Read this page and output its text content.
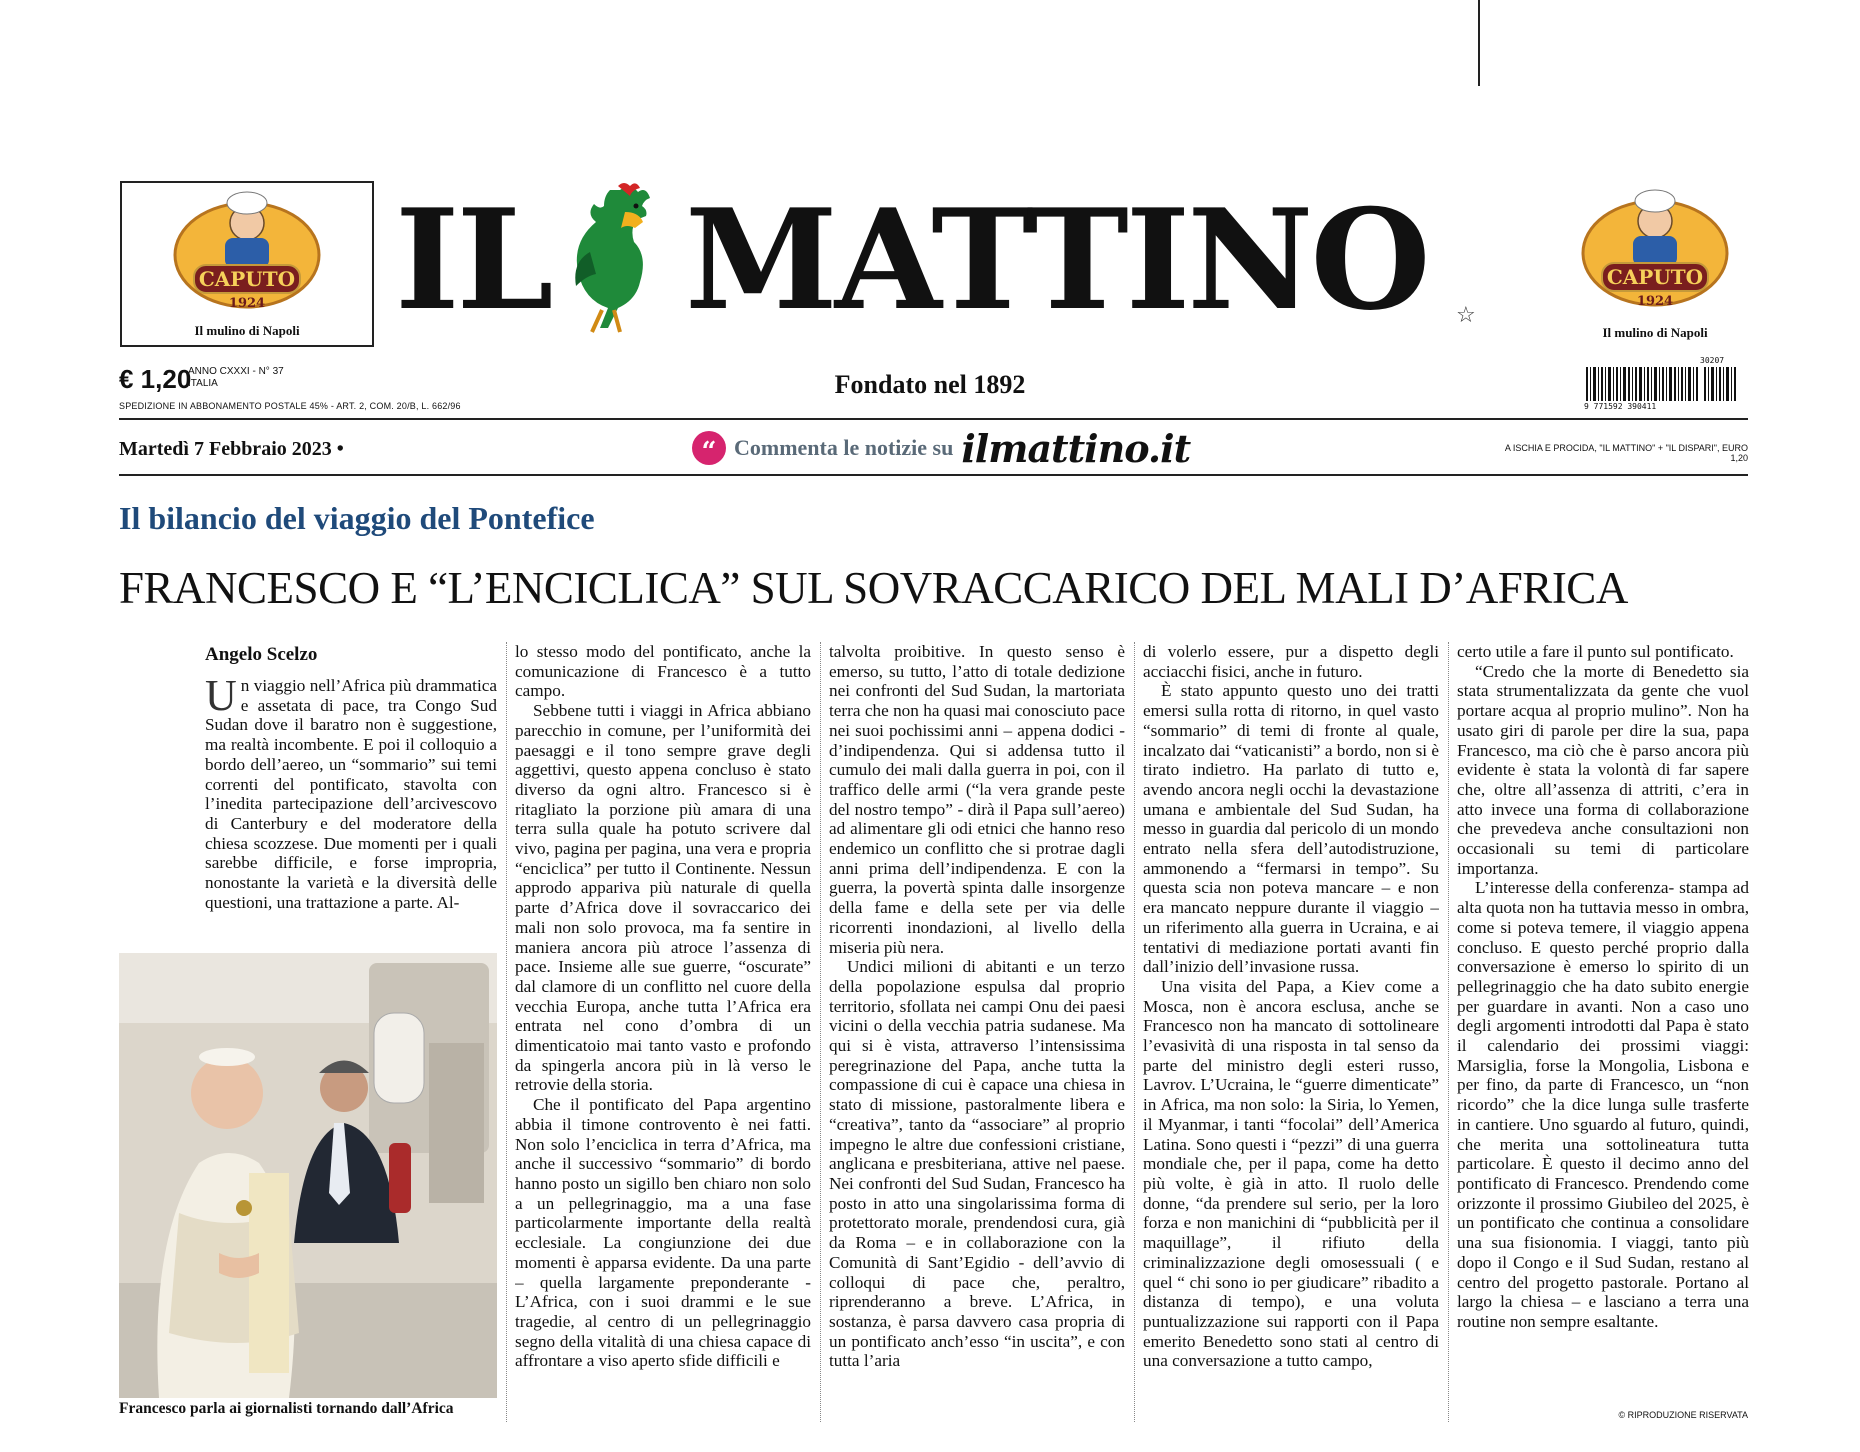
CAPUTO
1924
Il mulino di Napoli IL MATTINO ☆
CAPUTO
1924
Il mulino di Napoli
€ 1,20
ANNO CXXXI - N° 37
ITALIA
SPEDIZIONE IN ABBONAMENTO POSTALE 45% - ART. 2, COM. 20/B, L. 662/96
Fondato nel 1892
30207
9 771592 390411
Martedì 7 Febbraio 2023 •	“ Commenta le notizie su ilmattino.it	A ISCHIA E PROCIDA, "IL MATTINO" + "IL DISPARI", EURO 1,20
Il bilancio del viaggio del Pontefice
FRANCESCO E “L’ENCICLICA” SUL SOVRACCARICO DEL MALI D’AFRICA
Angelo Scelzo
U n viaggio nell’Africa più drammatica e assetata di pace, tra Congo Sud Sudan dove il baratro non è suggestione, ma realtà incombente. E poi il colloquio a bordo dell’aereo, un “sommario” sui temi correnti del pontificato, stavolta con l’inedita partecipazione dell’arcivescovo di Canterbury e del moderatore della chiesa scozzese. Due momenti per i quali sarebbe difficile, e forse impropria, nonostante la varietà e la diversità delle questioni, una trattazione a parte. Al-

lo stesso modo del pontificato, anche la comunicazione di Francesco è a tutto campo.

Sebbene tutti i viaggi in Africa abbiano parecchio in comune, per l’uniformità dei paesaggi e il tono sempre grave degli aggettivi, questo appena concluso è stato diverso da ogni altro. Francesco si è ritagliato la porzione più amara di una terra sulla quale ha potuto scrivere dal vivo, pagina per pagina, una vera e propria “enciclica” per tutto il Continente. Nessun approdo appariva più naturale di quella parte d’Africa dove il sovraccarico dei mali non solo provoca, ma fa sentire in maniera ancora più atroce l’assenza di pace. Insieme alle sue guerre, “oscurate” dal clamore di un conflitto nel cuore della vecchia Europa, anche tutta l’Africa era entrata nel cono d’ombra di un dimenticatoio mai tanto vasto e profondo da spingerla ancora più in là verso le retrovie della storia.

Che il pontificato del Papa argentino abbia il timone controvento è nei fatti. Non solo l’enciclica in terra d’Africa, ma anche il successivo “sommario” di bordo hanno posto un sigillo ben chiaro non solo a un pellegrinaggio, ma a una fase particolarmente importante della realtà ecclesiale. La congiunzione dei due momenti è apparsa evidente. Da una parte – quella largamente preponderante - L’Africa, con i suoi drammi e le sue tragedie, al centro di un pellegrinaggio segno della vitalità di una chiesa capace di affrontare a viso aperto sfide difficili e

talvolta proibitive. In questo senso è emerso, su tutto, l’atto di totale dedizione nei confronti del Sud Sudan, la martoriata terra che non ha quasi mai conosciuto pace nei suoi pochissimi anni – appena dodici - d’indipendenza. Qui si addensa tutto il cumulo dei mali dalla guerra in poi, con il traffico delle armi (“la vera grande peste del nostro tempo” - dirà il Papa sull’aereo) ad alimentare gli odi etnici che hanno reso endemico un conflitto che si protrae dagli anni prima dell’indipendenza. E con la guerra, la povertà spinta dalle insorgenze della fame e della sete per via delle ricorrenti inondazioni, al livello della miseria più nera.

Undici milioni di abitanti e un terzo della popolazione espulsa dal proprio territorio, sfollata nei campi Onu dei paesi vicini o della vecchia patria sudanese. Ma qui si è vista, attraverso l’intensissima peregrinazione del Papa, anche tutta la compassione di cui è capace una chiesa in stato di missione, pastoralmente libera e “creativa”, tanto da “associare” al proprio impegno le altre due confessioni cristiane, anglicana e presbiteriana, attive nel paese. Nei confronti del Sud Sudan, Francesco ha posto in atto una singolarissima forma di protettorato morale, prendendosi cura, già da Roma – e in collaborazione con la Comunità di Sant’Egidio - dell’avvio di colloqui di pace che, peraltro, riprenderanno a breve. L’Africa, in sostanza, è parsa davvero casa propria di un pontificato anch’esso “in uscita”, e con tutta l’aria

di volerlo essere, pur a dispetto degli acciacchi fisici, anche in futuro.

È stato appunto questo uno dei tratti emersi sulla rotta di ritorno, in quel vasto “sommario” di temi di fronte al quale, incalzato dai “vaticanisti” a bordo, non si è tirato indietro. Ha parlato di tutto e, avendo ancora negli occhi la devastazione umana e ambientale del Sud Sudan, ha messo in guardia dal pericolo di un mondo entrato nella sfera dell’autodistruzione, ammonendo a “fermarsi in tempo”. Su questa scia non poteva mancare – e non era mancato neppure durante il viaggio – un riferimento alla guerra in Ucraina, e ai tentativi di mediazione portati avanti fin dall’inizio dell’invasione russa.

Una visita del Papa, a Kiev come a Mosca, non è ancora esclusa, anche se Francesco non ha mancato di sottolineare l’evasività di una risposta in tal senso da parte del ministro degli esteri russo, Lavrov. L’Ucraina, le “guerre dimenticate” in Africa, ma non solo: la Siria, lo Yemen, il Myanmar, i tanti “focolai” dell’America Latina. Sono questi i “pezzi” di una guerra mondiale che, per il papa, come ha detto più volte, è già in atto. Il ruolo delle donne, “da prendere sul serio, per la loro forza e non manichini di “pubblicità per il maquillage”, il rifiuto della criminalizzazione degli omosessuali ( e quel “ chi sono io per giudicare” ribadito a distanza di tempo), e una voluta puntualizzazione sui rapporti con il Papa emerito Benedetto sono stati al centro di una conversazione a tutto campo,

certo utile a fare il punto sul pontificato.

“Credo che la morte di Benedetto sia stata strumentalizzata da gente che vuol portare acqua al proprio mulino”. Non ha usato giri di parole per dire la sua, papa Francesco, ma ciò che è parso ancora più evidente è stata la volontà di far sapere che, oltre all’assenza di attriti, c’era in atto invece una forma di collaborazione che prevedeva anche consultazioni non occasionali su temi di particolare importanza.

L’interesse della conferenza- stampa ad alta quota non ha tuttavia messo in ombra, come si poteva temere, il viaggio appena concluso. E questo perché proprio dalla conversazione è emerso lo spirito di un pellegrinaggio che ha dato subito energie per guardare in avanti. Non a caso uno degli argomenti introdotti dal Papa è stato il calendario dei prossimi viaggi: Marsiglia, forse la Mongolia, Lisbona e per fino, da parte di Francesco, un “non ricordo” che la dice lunga sulle trasferte in cantiere. Uno sguardo al futuro, quindi, che merita una sottolineatura tutta particolare. È questo il decimo anno del pontificato di Francesco. Prendendo come orizzonte il prossimo Giubileo del 2025, è un pontificato che continua a consolidare una sua fisionomia. I viaggi, tanto più dopo il Congo e il Sud Sudan, restano al centro del progetto pastorale. Portano al largo la chiesa – e lasciano a terra una routine non sempre esaltante.

Francesco parla ai giornalisti tornando dall’Africa	© RIPRODUZIONE RISERVATA
